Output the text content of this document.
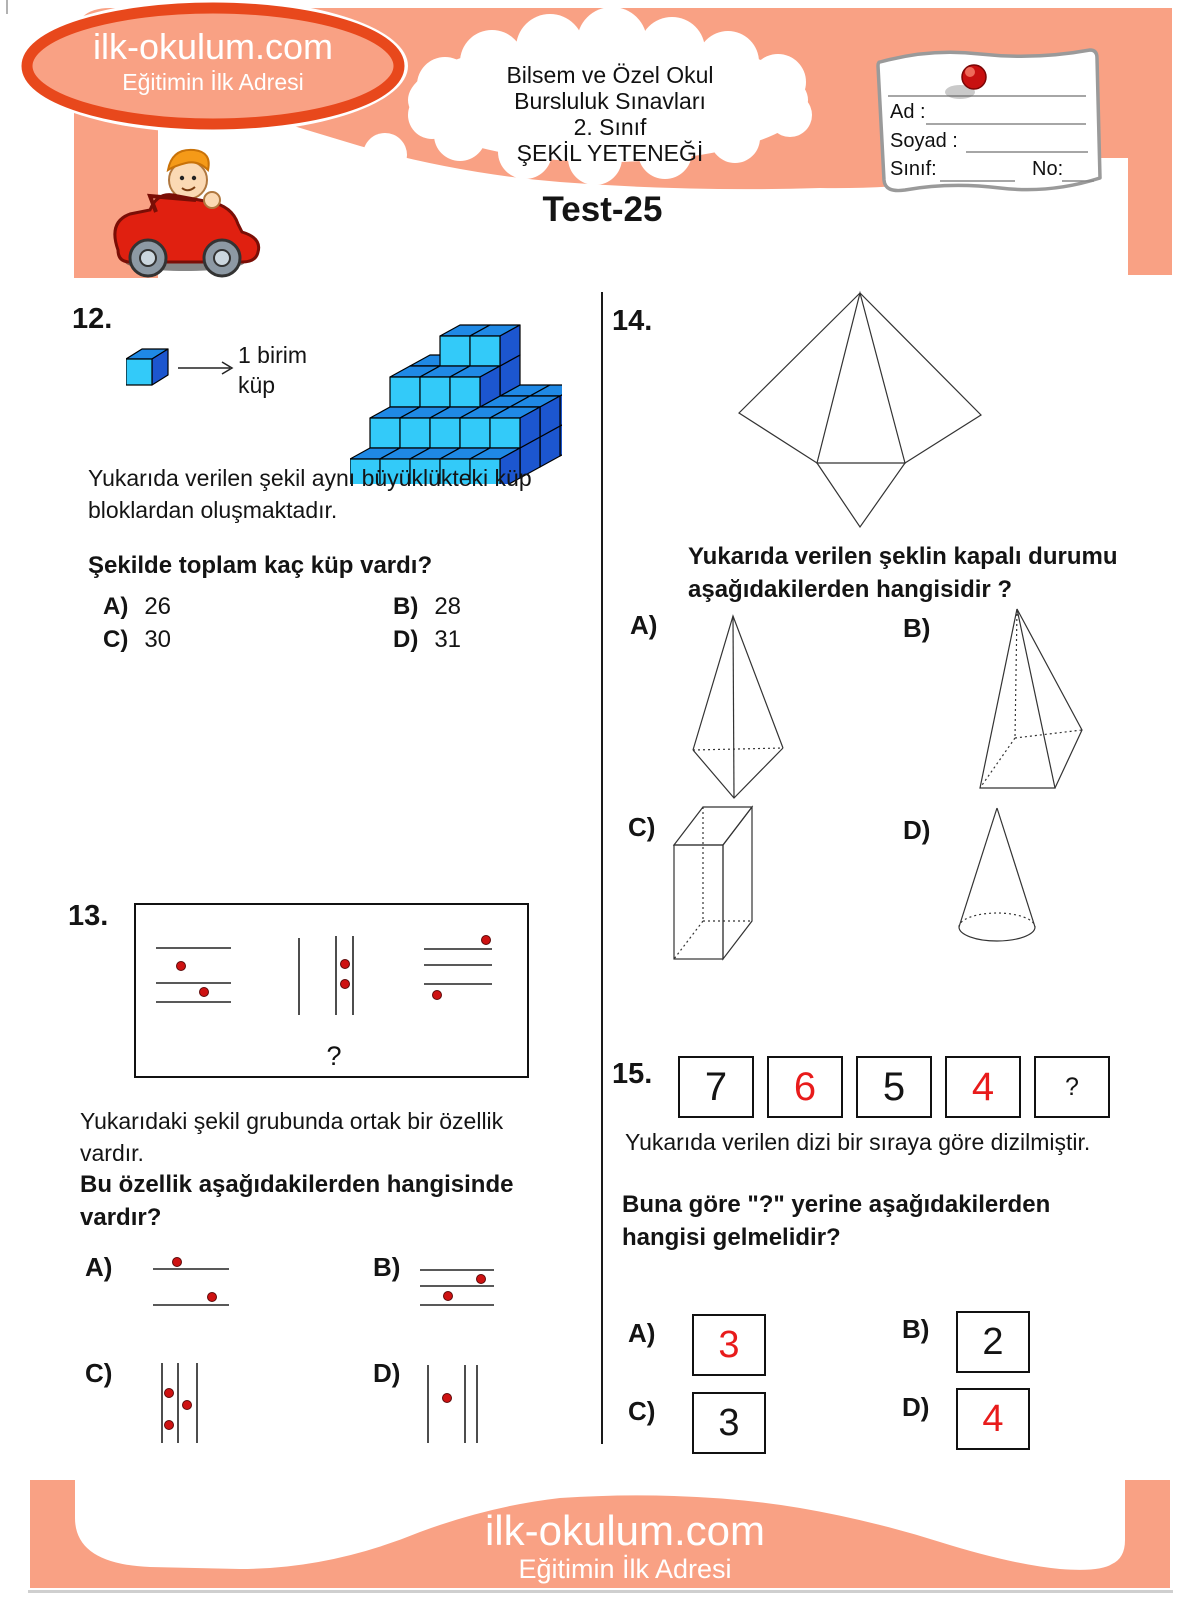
Ad :
Soyad :
Sınıf:	No:
ilk-okulum.com
Eğitimin İlk Adresi	Bilsem ve Özel Okul
Bursluluk Sınavları
2. Sınıf
ŞEKİL YETENEĞİ
Test-25
12.
1 birim
küp
Yukarıda verilen şekil aynı büyüklükteki küp bloklardan oluşmaktadır.
Şekilde toplam kaç küp vardı?
A) 26	B) 28
C) 30	D) 31
13.
?
Yukarıdaki şekil grubunda ortak bir özellik vardır.
Bu özellik aşağıdakilerden hangisinde vardır?
A)	B)
C)	D)
14.
Yukarıda verilen şeklin kapalı durumu aşağıdakilerden hangisidir ?
A)	B)
C)	D)
15. 7 6 5 4	?
Yukarıda verilen dizi bir sıraya göre dizilmiştir.
Buna göre "?" yerine aşağıdakilerden hangisi gelmelidir?
A) 3	B) 2
C) 3	D) 4
ilk-okulum.com
Eğitimin İlk Adresi
